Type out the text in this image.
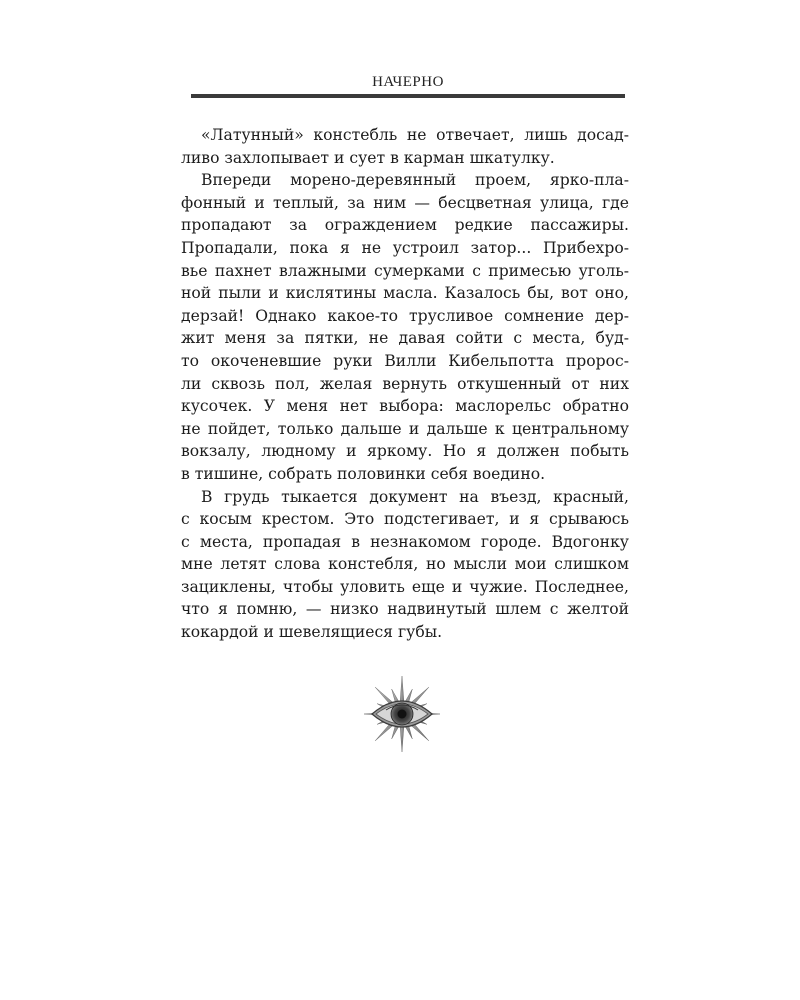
НАЧЕРНО

«Латунный» констебль не отвечает, лишь досад-
ливо захлопывает и сует в карман шкатулку.

Впереди морено-деревянный проем, ярко-пла-
фонный и теплый, за ним — бесцветная улица, где
пропадают за ограждением редкие пассажиры.
Пропадали, пока я не устроил затор... Прибехро-
вье пахнет влажными сумерками с примесью уголь-
ной пыли и кислятины масла. Казалось бы, вот оно,
дерзай! Однако какое-то трусливое сомнение дер-
жит меня за пятки, не давая сойти с места, буд-
то окоченевшие руки Вилли Кибельпотта проpос-
ли сквозь пол, желая вернуть откушенный от них
кусочек. У меня нет выбора: маслорельс обратно
не пойдет, только дальше и дальше к центральному
вокзалу, людному и яркому. Но я должен побыть
в тишине, собрать половинки себя воедино.

В грудь тыкается документ на въезд, красный,
с косым крестом. Это подстегивает, и я срываюсь
с места, пропадая в незнакомом городе. Вдогонку
мне летят слова констебля, но мысли мои слишком
зациклены, чтобы уловить еще и чужие. Последнее,
что я помню, — низко надвинутый шлем с желтой
кокардой и шевелящиеся губы.
